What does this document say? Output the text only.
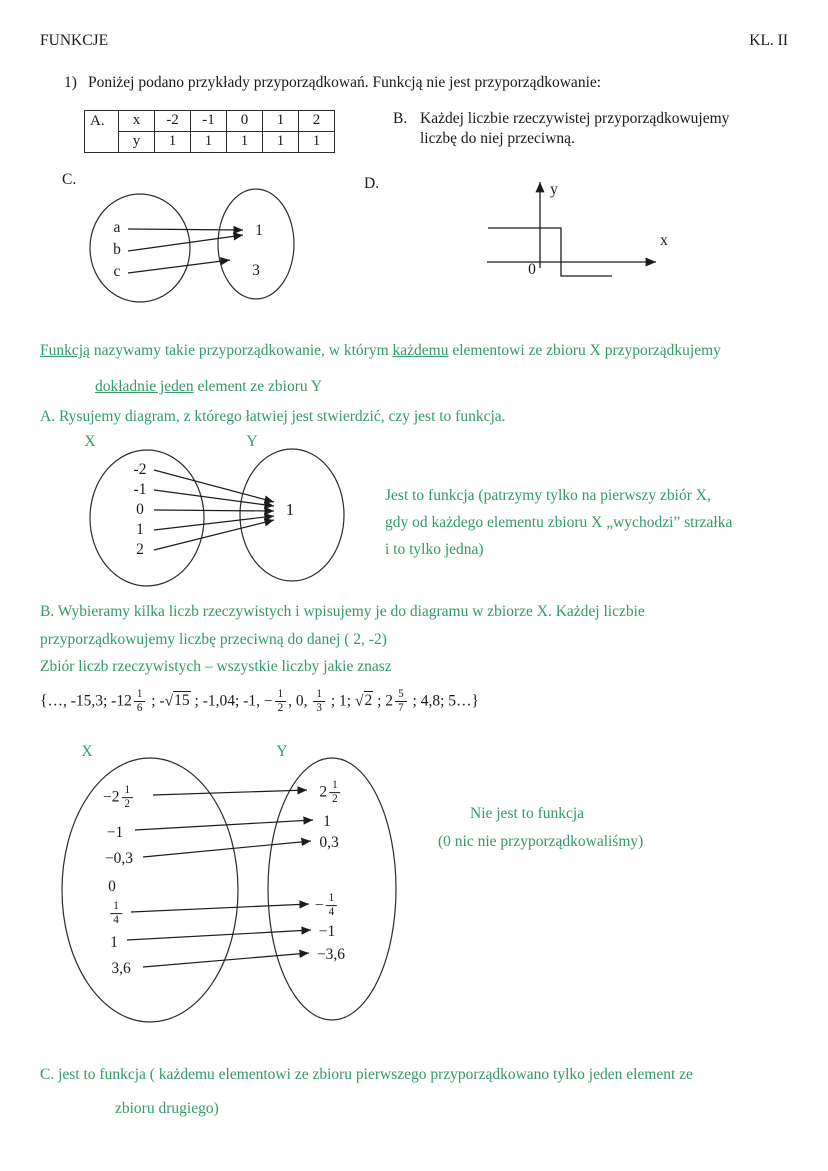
FUNKCJE	KL. II
1) Poniżej podano przykłady przyporządkowań. Funkcją nie jest przyporządkowanie:
A.	x	-2	-1	0	1	2
	y	1	1	1	1	1
B. Każdej liczbie rzeczywistej przyporządkowujemy
liczbę do niej przeciwną.
C.
a
b
c
1
3
D.	y
x
0
Funkcją nazywamy takie przyporządkowanie, w którym każdemu elementowi ze zbioru X przyporządkujemy
dokładnie jeden element ze zbioru Y
A. Rysujemy diagram, z którego łatwiej jest stwierdzić, czy jest to funkcja.
X	Y
-2
-1
0
1
2
1
Jest to funkcja (patrzymy tylko na pierwszy zbiór X,
gdy od każdego elementu zbioru X „wychodzi” strzałka
i to tylko jedna)
B. Wybieramy kilka liczb rzeczywistych i wpisujemy je do diagramu w zbiorze X. Każdej liczbie
przyporządkowujemy liczbę przeciwną do danej ( 2, -2)
Zbiór liczb rzeczywistych – wszystkie liczby jakie znasz
{…, -15,3; $-12 \frac{1}{6}$ ; -√15 ; -1,04; -1, − $\frac{1}{2}$ , 0, $\frac{1}{3}$ ; 1; √2 ; $2 \frac{5}{7}$ ; 4,8; 5…}
X	Y
$-2 \frac{1}{2}$
−1
−0,3
0
$\frac{1}{4}$
1
3,6
$2 \frac{1}{2}$
1
0,3
− $\frac{1}{4}$
−1
−3,6
Nie jest to funkcja
(0 nic nie przyporządkowaliśmy)
C. jest to funkcja ( każdemu elementowi ze zbioru pierwszego przyporządkowano tylko jeden element ze
zbioru drugiego)
